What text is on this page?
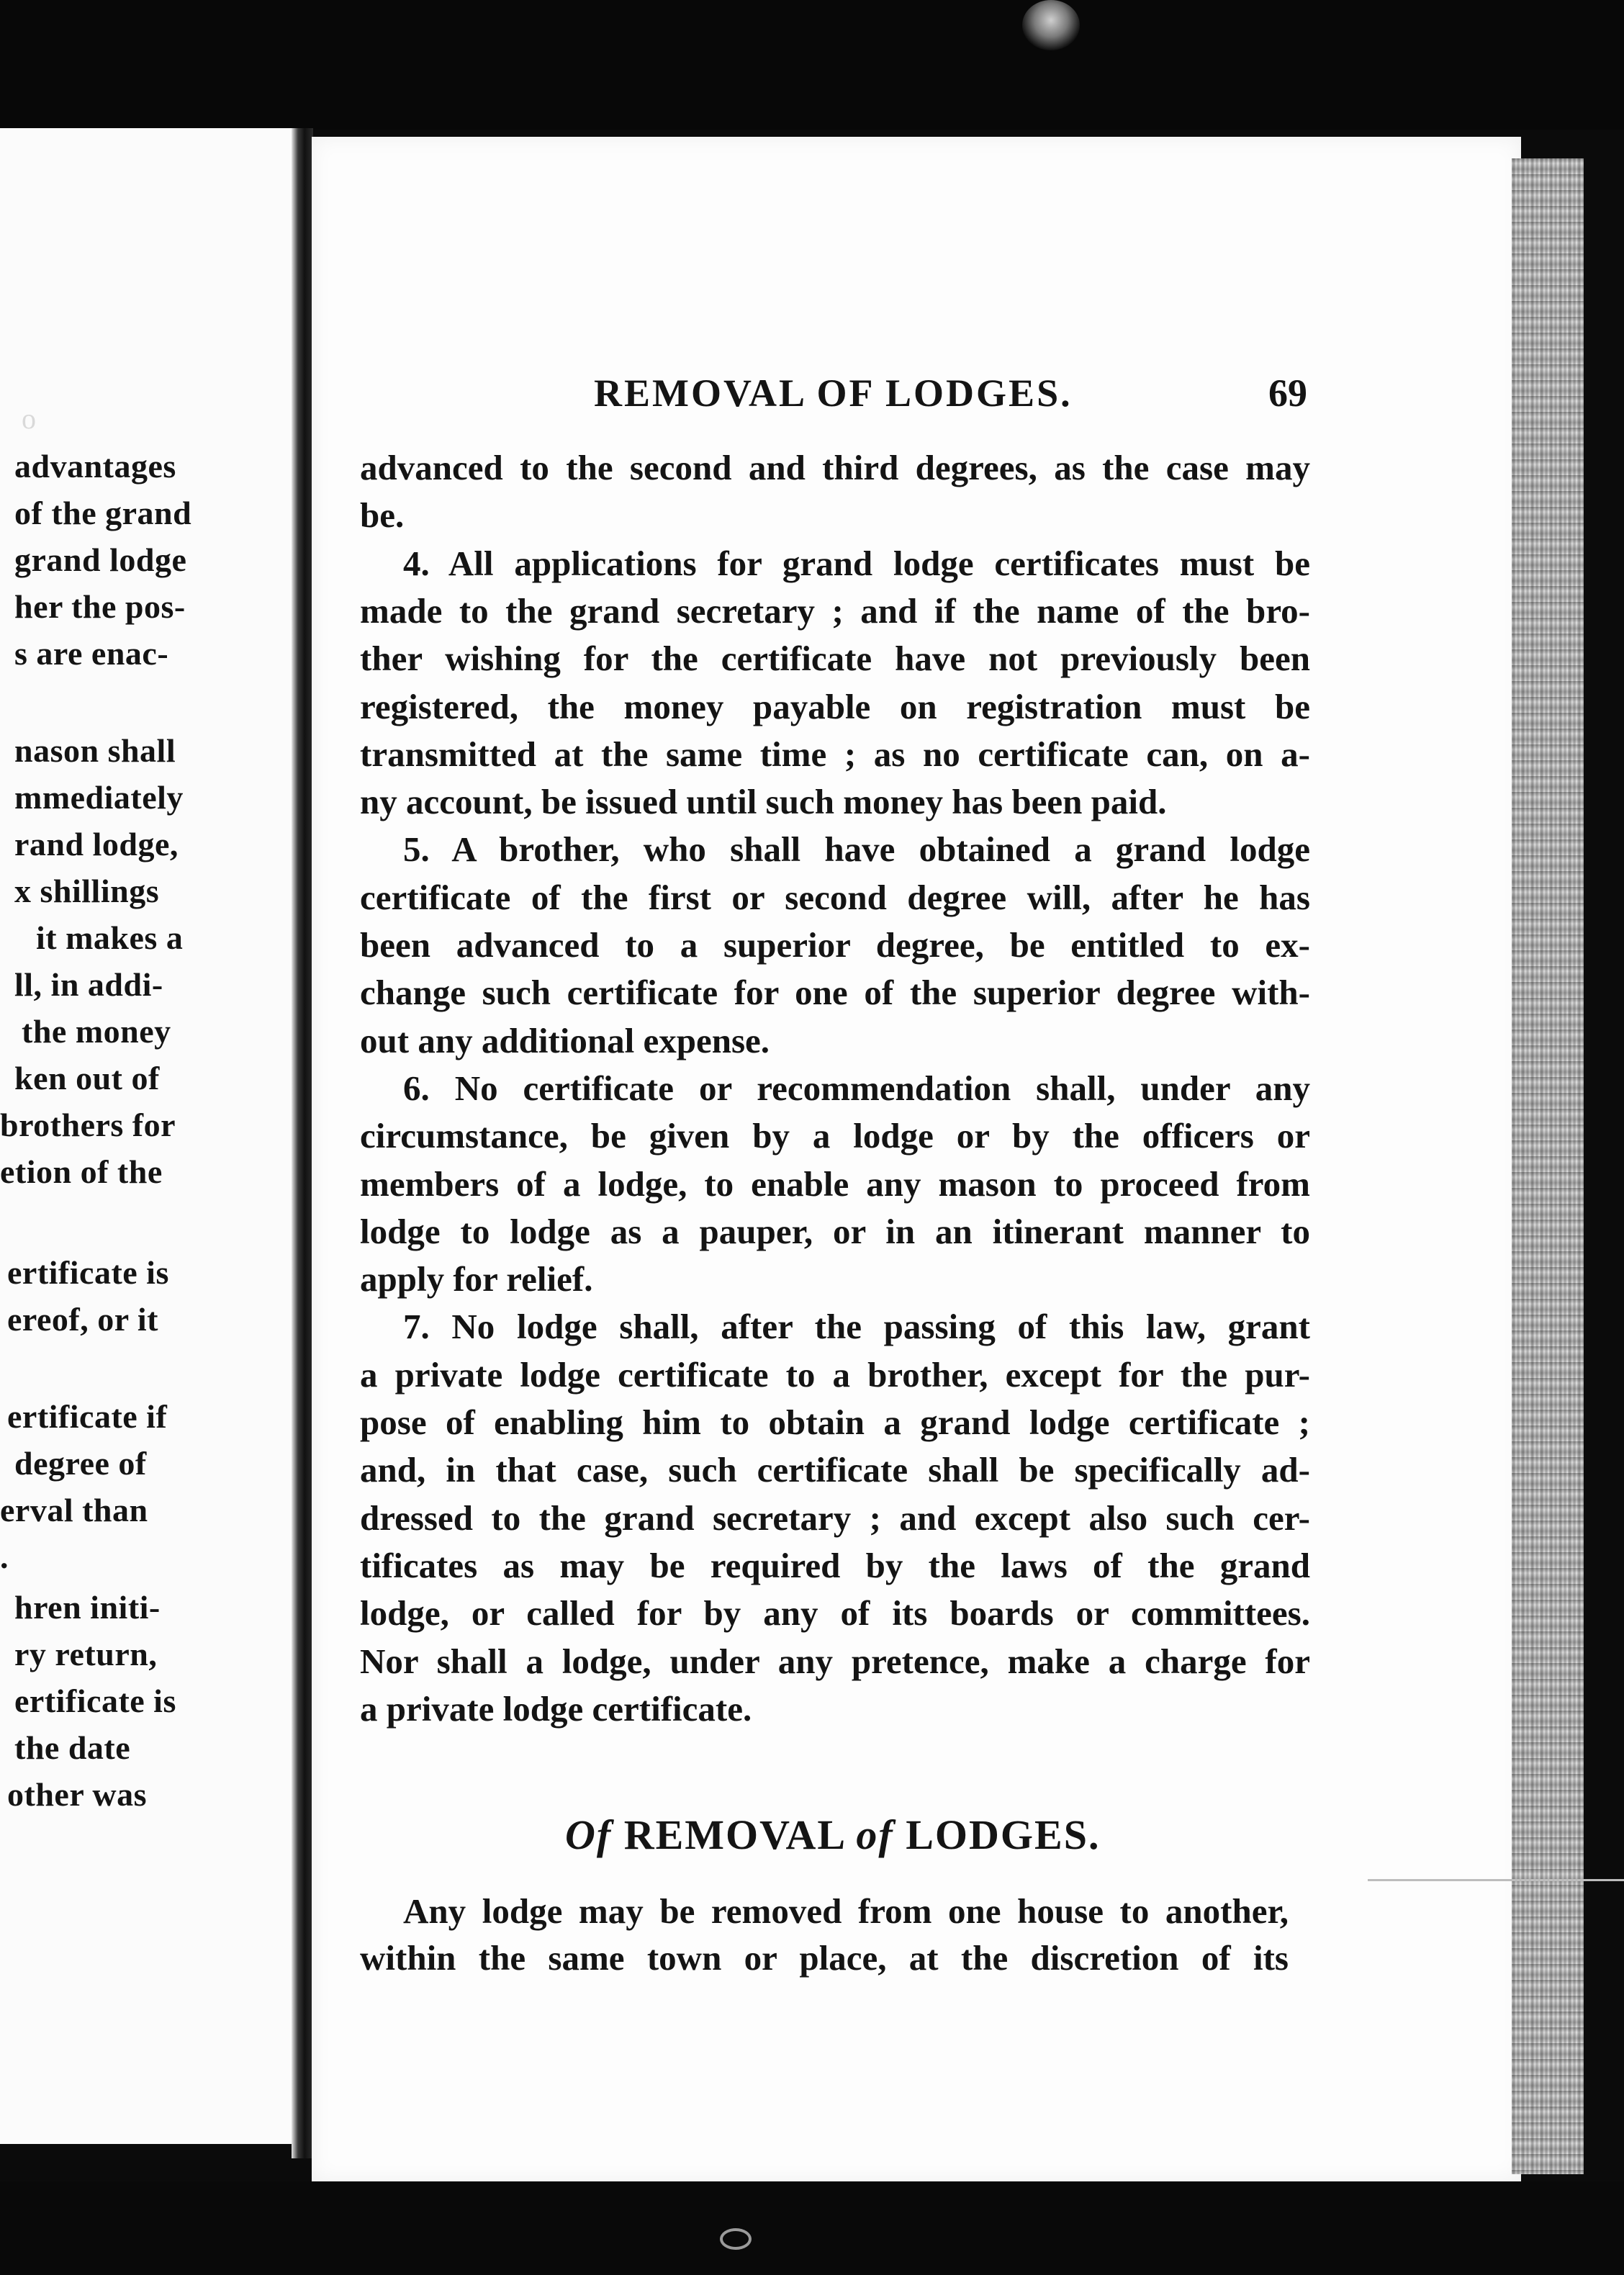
o
advantages
of the grand
grand lodge
her the pos-
s are enac-
nason shall
mmediately
rand lodge,
x shillings
it makes a
ll, in addi-
the money
ken out of
brothers for
etion of the
ertificate is
ereof, or it
ertificate if
degree of
erval than
.
hren initi-
ry return,
ertificate is
the date
other was
REMOVAL OF LODGES.	69
advanced to the second and third degrees, as the case may
be.
4. All applications for grand lodge certificates must be
made to the grand secretary ; and if the name of the bro-
ther wishing for the certificate have not previously been
registered, the money payable on registration must be
transmitted at the same time ; as no certificate can, on a-
ny account, be issued until such money has been paid.
5. A brother, who shall have obtained a grand lodge
certificate of the first or second degree will, after he has
been advanced to a superior degree, be entitled to ex-
change such certificate for one of the superior degree with-
out any additional expense.
6. No certificate or recommendation shall, under any
circumstance, be given by a lodge or by the officers or
members of a lodge, to enable any mason to proceed from
lodge to lodge as a pauper, or in an itinerant manner to
apply for relief.
7. No lodge shall, after the passing of this law, grant
a private lodge certificate to a brother, except for the pur-
pose of enabling him to obtain a grand lodge certificate ;
and, in that case, such certificate shall be specifically ad-
dressed to the grand secretary ; and except also such cer-
tificates as may be required by the laws of the grand
lodge, or called for by any of its boards or committees.
Nor shall a lodge, under any pretence, make a charge for
a private lodge certificate.
Of REMOVAL of LODGES.
Any lodge may be removed from one house to another,
within the same town or place, at the discretion of its
